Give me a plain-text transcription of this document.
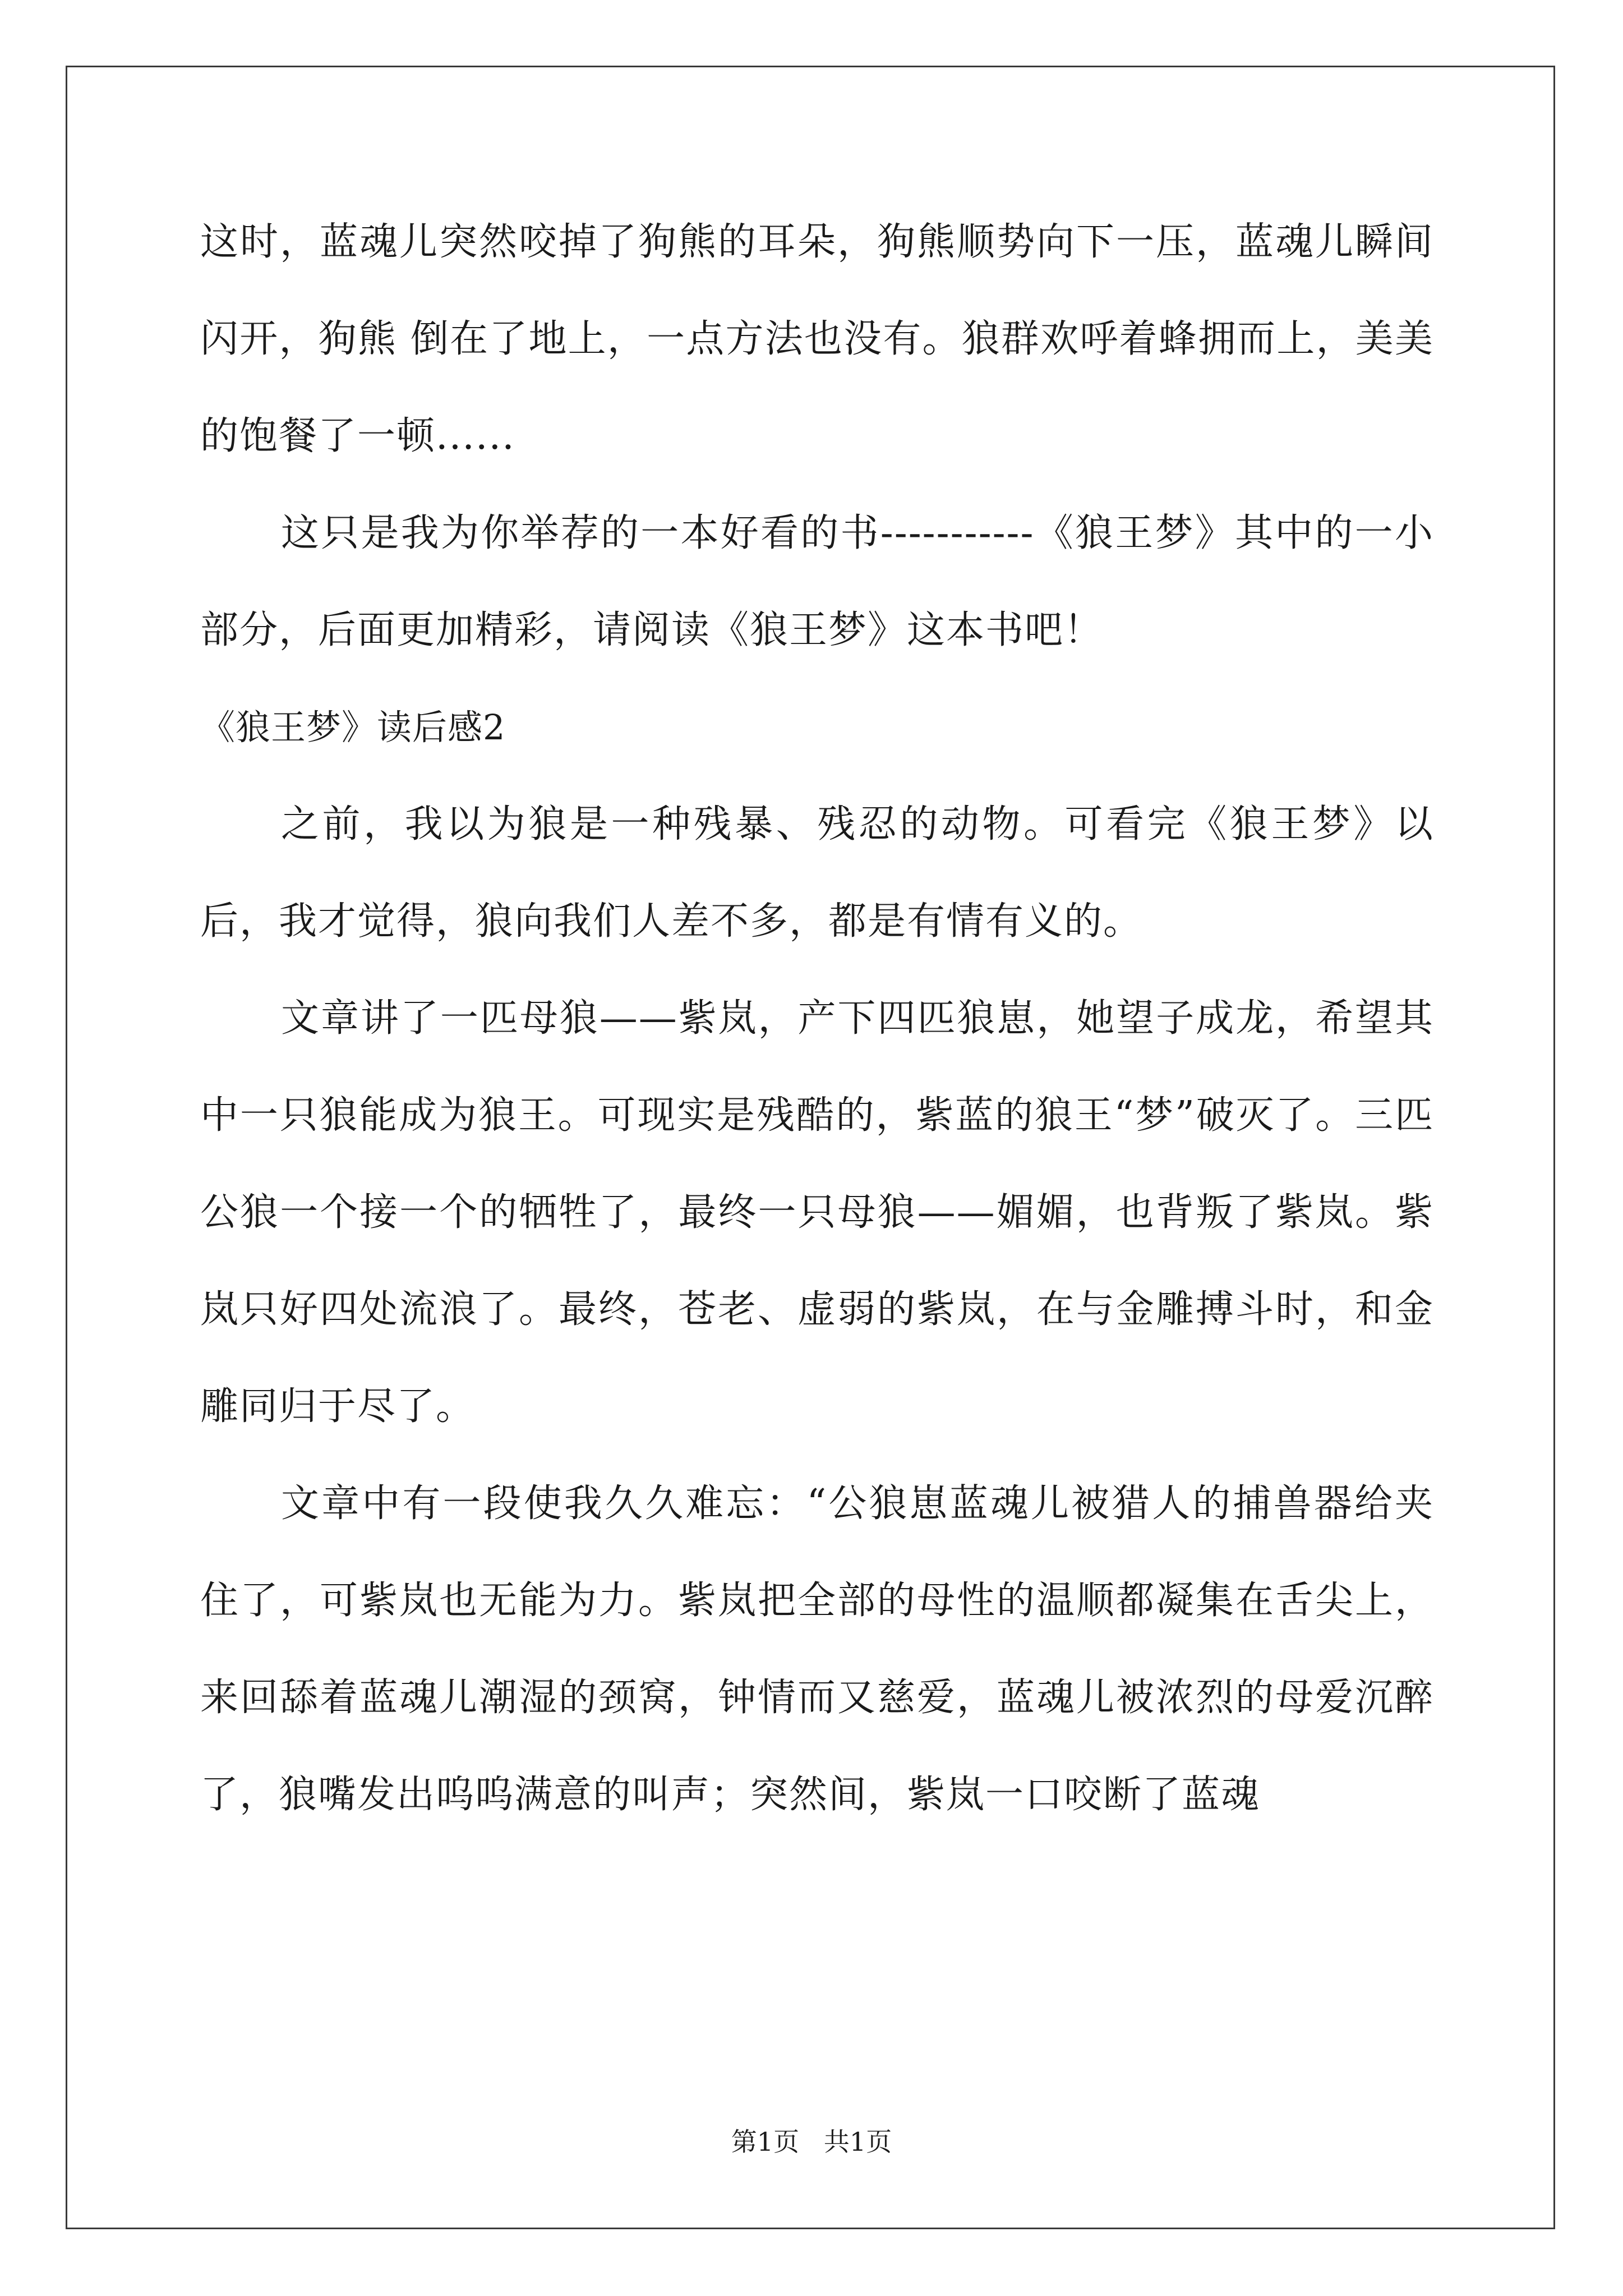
这时，蓝魂儿突然咬掉了狗熊的耳朵，狗熊顺势向下一压，蓝魂儿瞬间闪开，狗熊 倒在了地上，一点方法也没有。狼群欢呼着蜂拥而上，美美的饱餐了一顿......

这只是我为你举荐的一本好看的书-----------《狼王梦》其中的一小部分，后面更加精彩，请阅读《狼王梦》这本书吧！

《狼王梦》读后感2

之前，我以为狼是一种残暴、残忍的动物。可看完《狼王梦》以后，我才觉得，狼向我们人差不多，都是有情有义的。

文章讲了一匹母狼——紫岚，产下四匹狼崽，她望子成龙，希望其中一只狼能成为狼王。可现实是残酷的，紫蓝的狼王“梦”破灭了。三匹公狼一个接一个的牺牲了，最终一只母狼——媚媚，也背叛了紫岚。紫岚只好四处流浪了。最终，苍老、虚弱的紫岚，在与金雕搏斗时，和金雕同归于尽了。

文章中有一段使我久久难忘：“公狼崽蓝魂儿被猎人的捕兽器给夹住了，可紫岚也无能为力。紫岚把全部的母性的温顺都凝集在舌尖上，来回舔着蓝魂儿潮湿的颈窝，钟情而又慈爱，蓝魂儿被浓烈的母爱沉醉了，狼嘴发出呜呜满意的叫声；突然间，紫岚一口咬断了蓝魂

第1页   共1页
